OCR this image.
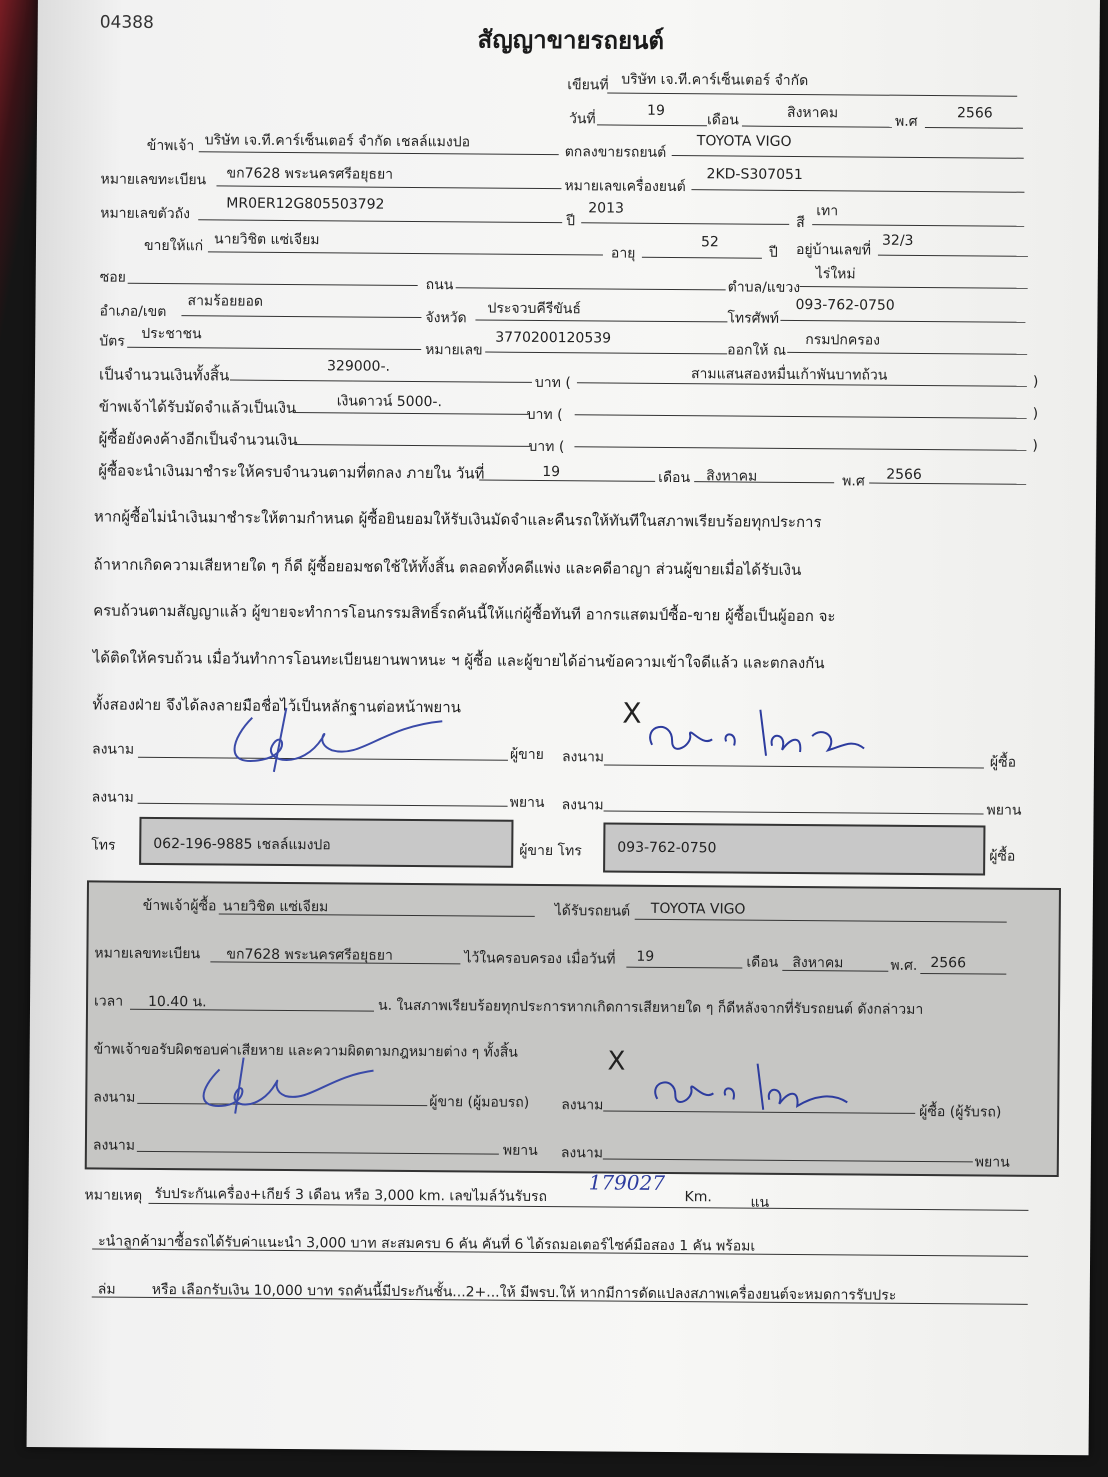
04388
สัญญาขายรถยนต์
เขียนที่ บริษัท เจ.ที.คาร์เซ็นเตอร์ จำกัด
วันที่
19
เดือน	สิงหาคม
พ.ศ
2566
ข้าพเจ้า บริษัท เจ.ที.คาร์เซ็นเตอร์ จำกัด เชลล์แมงปอ
ตกลงขายรถยนต์
TOYOTA VIGO
หมายเลขทะเบียน ขก7628 พระนครศรีอยุธยา
หมายเลขเครื่องยนต์
2KD-S307051
หมายเลขตัวถัง
MR0ER12G805503792
ปี
2013
สี
เทา
ขายให้แก่ นายวิชิต แซ่เจียม
อายุ
52
ปี อยู่บ้านเลขที่
32/3
ซอย	ถนน	ตำบล/แขวง
ไร่ใหม่
อำเภอ/เขต
สามร้อยยอด
จังหวัด
ประจวบคีรีขันธ์
โทรศัพท์
093-762-0750
บัตร ประชาชน
หมายเลข
3770200120539
ออกให้ ณ
กรมปกครอง
เป็นจำนวนเงินทั้งสิ้น	329000-.
บาท (	สามแสนสองหมื่นเก้าพันบาทถ้วน	)
ข้าพเจ้าได้รับมัดจำแล้วเป็นเงิน	เงินดาวน์ 5000-.
บาท (	)
ผู้ซื้อยังคงค้างอีกเป็นจำนวนเงิน	บาท (	)
ผู้ซื้อจะนำเงินมาชำระให้ครบจำนวนตามที่ตกลง ภายใน วันที่	19	เดือน สิงหาคม	พ.ศ 2566
หากผู้ซื้อไม่นำเงินมาชำระให้ตามกำหนด ผู้ซื้อยินยอมให้รับเงินมัดจำและคืนรถให้ทันทีในสภาพเรียบร้อยทุกประการ
ถ้าหากเกิดความเสียหายใด ๆ ก็ดี ผู้ซื้อยอมชดใช้ให้ทั้งสิ้น ตลอดทั้งคดีแพ่ง และคดีอาญา ส่วนผู้ขายเมื่อได้รับเงิน
ครบถ้วนตามสัญญาแล้ว ผู้ขายจะทำการโอนกรรมสิทธิ์รถคันนี้ให้แก่ผู้ซื้อทันที อากรแสตมป์ซื้อ-ขาย ผู้ซื้อเป็นผู้ออก จะ
ได้ติดให้ครบถ้วน เมื่อวันทำการโอนทะเบียนยานพาหนะ ฯ ผู้ซื้อ และผู้ขายได้อ่านข้อความเข้าใจดีแล้ว และตกลงกัน
ทั้งสองฝ่าย จึงได้ลงลายมือชื่อไว้เป็นหลักฐานต่อหน้าพยาน	X
ลงนาม	ผู้ขาย ลงนาม	ผู้ซื้อ
ลงนาม	พยาน ลงนาม	พยาน
โทร	062-196-9885 เชลล์แมงปอ	ผู้ขาย โทร	093-762-0750
ผู้ซื้อ
ข้าพเจ้าผู้ซื้อ นายวิชิต แซ่เจียม	ได้รับรถยนต์ TOYOTA VIGO
หมายเลขทะเบียน ขก7628 พระนครศรีอยุธยา	ไว้ในครอบครอง เมื่อวันที่ 19	เดือน สิงหาคม	พ.ศ. 2566
เวลา 10.40 น.	น. ในสภาพเรียบร้อยทุกประการหากเกิดการเสียหายใด ๆ ก็ดีหลังจากที่รับรถยนต์ ดังกล่าวมา
ข้าพเจ้าขอรับผิดชอบค่าเสียหาย และความผิดตามกฎหมายต่าง ๆ ทั้งสิ้น	X
ลงนาม	ผู้ขาย (ผู้มอบรถ) ลงนาม	ผู้ซื้อ (ผู้รับรถ)
ลงนาม	พยาน ลงนาม
พยาน
หมายเหตุ รับประกันเครื่อง+เกียร์ 3 เดือน หรือ 3,000 km. เลขไมล์วันรับรถ
179027
Km.	แน
ะนำลูกค้ามาซื้อรถได้รับค่าแนะนำ 3,000 บาท สะสมครบ 6 คัน คันที่ 6 ได้รถมอเตอร์ไซค์มือสอง 1 คัน พร้อมเ
ล่ม	หรือ เลือกรับเงิน 10,000 บาท รถคันนี้มีประกันชั้น...2+...ให้ มีพรบ.ให้ หากมีการดัดแปลงสภาพเครื่องยนต์จะหมดการรับประ
